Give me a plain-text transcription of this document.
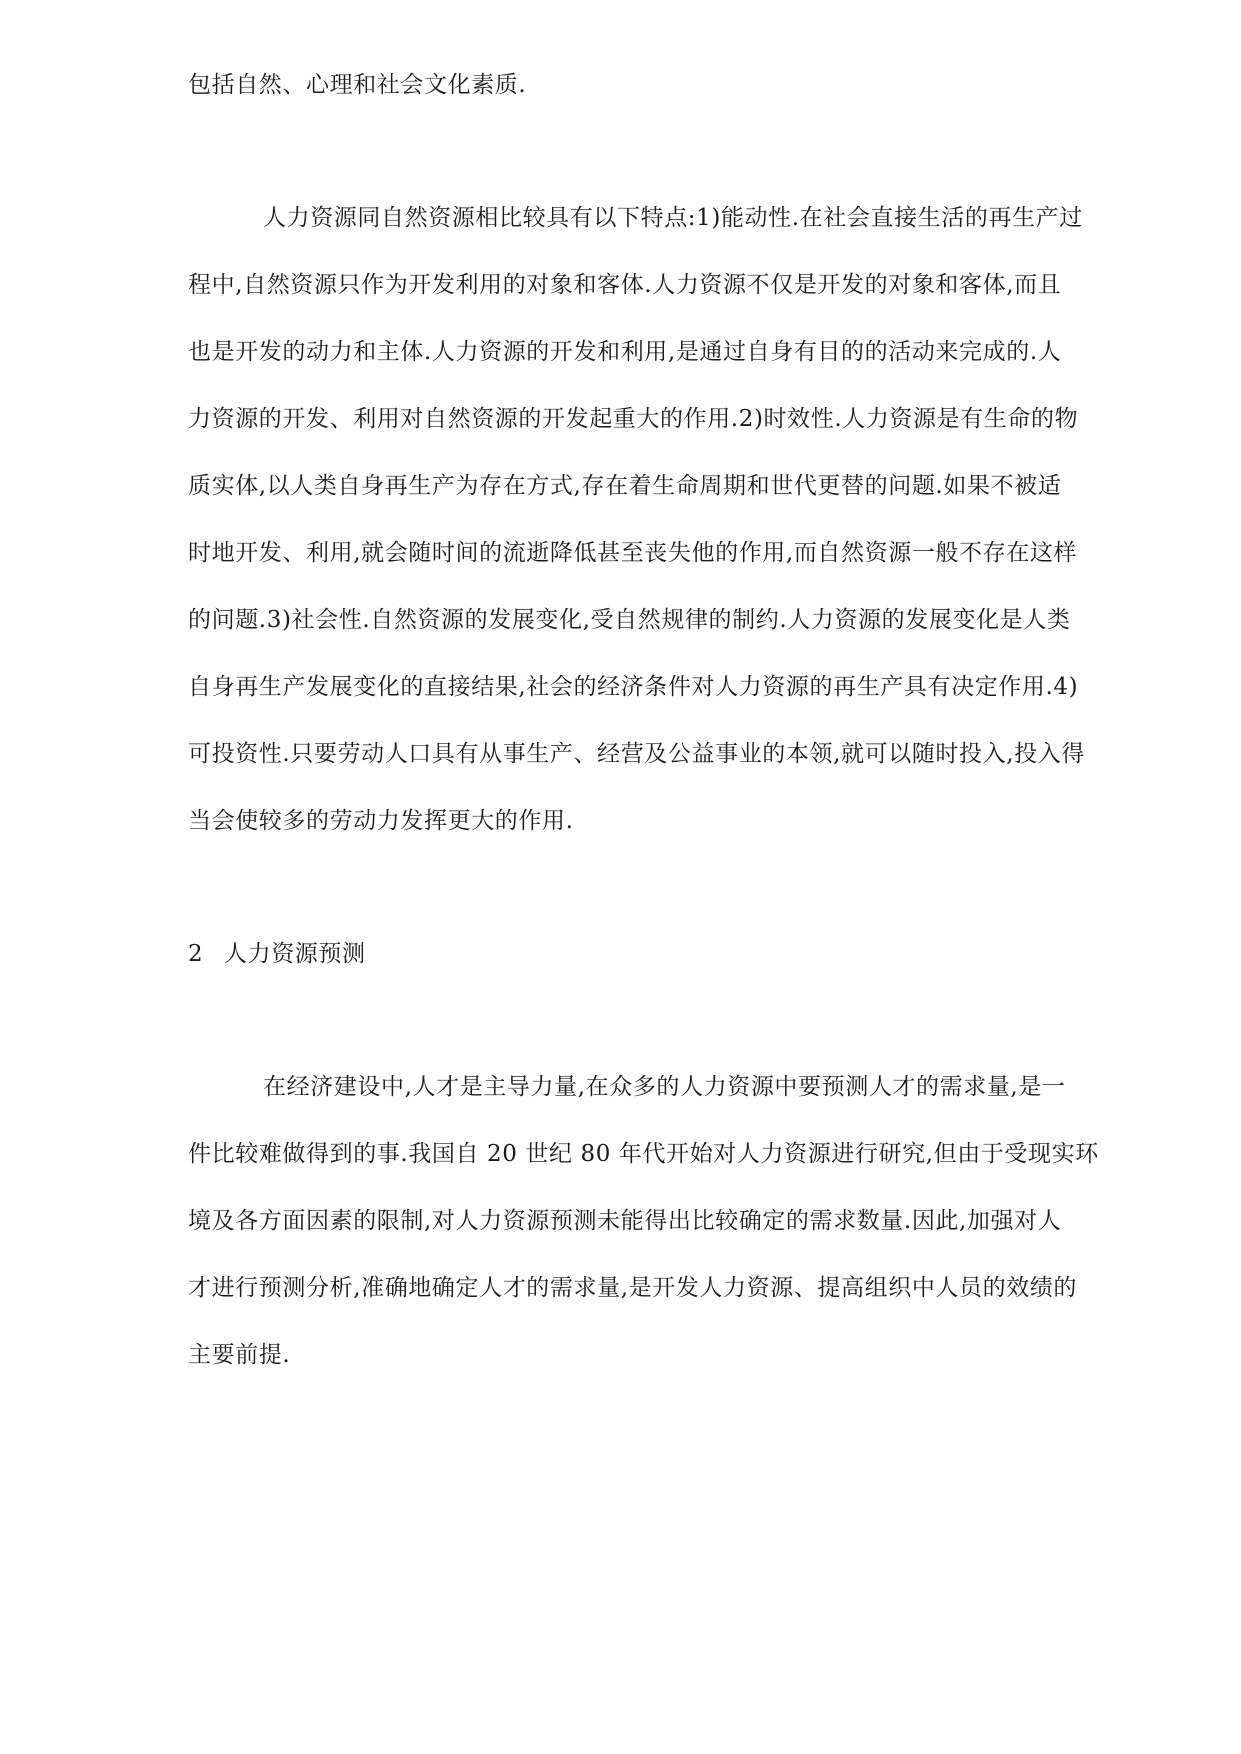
包括自然、心理和社会文化素质.
人力资源同自然资源相比较具有以下特点:1)能动性.在社会直接生活的再生产过
程中,自然资源只作为开发利用的对象和客体.人力资源不仅是开发的对象和客体,而且
也是开发的动力和主体.人力资源的开发和利用,是通过自身有目的的活动来完成的.人
力资源的开发、利用对自然资源的开发起重大的作用.2)时效性.人力资源是有生命的物
质实体,以人类自身再生产为存在方式,存在着生命周期和世代更替的问题.如果不被适
时地开发、利用,就会随时间的流逝降低甚至丧失他的作用,而自然资源一般不存在这样
的问题.3)社会性.自然资源的发展变化,受自然规律的制约.人力资源的发展变化是人类
自身再生产发展变化的直接结果,社会的经济条件对人力资源的再生产具有决定作用.4)
可投资性.只要劳动人口具有从事生产、经营及公益事业的本领,就可以随时投入,投入得
当会使较多的劳动力发挥更大的作用.
2 人力资源预测
在经济建设中,人才是主导力量,在众多的人力资源中要预测人才的需求量,是一
件比较难做得到的事.我国自 20 世纪 80 年代开始对人力资源进行研究,但由于受现实环
境及各方面因素的限制,对人力资源预测未能得出比较确定的需求数量.因此,加强对人
才进行预测分析,准确地确定人才的需求量,是开发人力资源、提高组织中人员的效绩的
主要前提.
